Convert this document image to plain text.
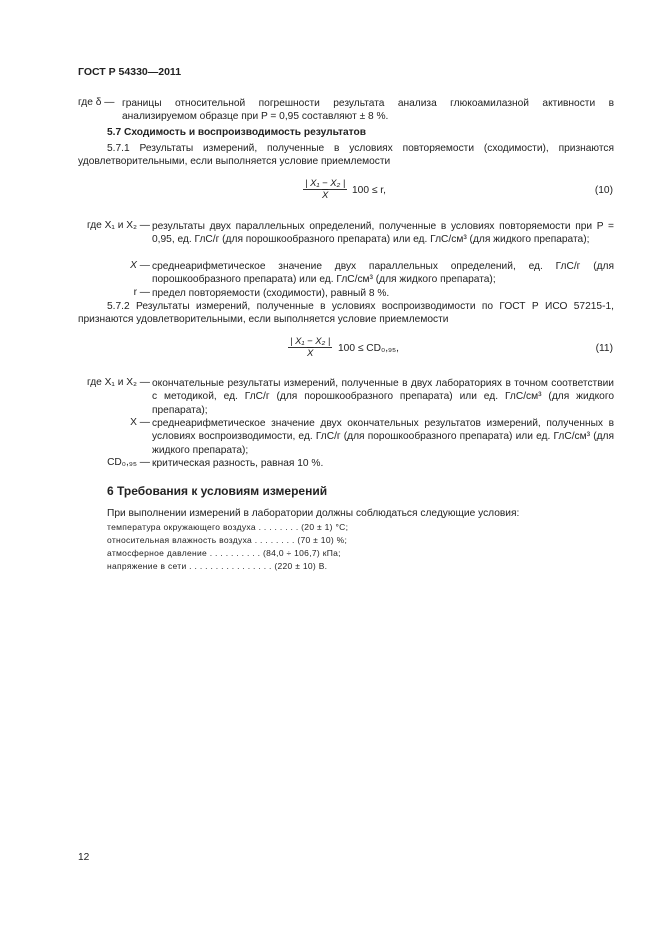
ГОСТ Р 54330—2011
где δ — границы относительной погрешности результата анализа глюкоамилазной активности в анализируемом образце при P = 0,95 составляют ± 8 %.
5.7 Сходимость и воспроизводимость результатов
5.7.1 Результаты измерений, полученные в условиях повторяемости (сходимости), признаются удовлетворительными, если выполняется условие приемлемости
$\frac{\text{| X₁ − X₂ |}}{X} 100 \le r$,	(10)
где X₁ и X₂ — результаты двух параллельных определений, полученные в условиях повторяемости при P = 0,95, ед. ГлС/г (для порошкообразного препарата) или ед. ГлС/см³ (для жидкого препарата);
X — среднеарифметическое значение двух параллельных определений, ед. ГлС/г (для порошкообразного препарата) или ед. ГлС/см³ (для жидкого препарата);
r — предел повторяемости (сходимости), равный 8 %.
5.7.2 Результаты измерений, полученные в условиях воспроизводимости по ГОСТ Р ИСО 57215-1, признаются удовлетворительными, если выполняется условие приемлемости
$\frac{\text{| X₁ − X₂ |}}{X} 100 \le CD_0,_{95}$,	(11)
где X₁ и X₂ — окончательные результаты измерений, полученные в двух лабораториях в точном соответствии с методикой, ед. ГлС/г (для порошкообразного препарата) или ед. ГлС/см³ (для жидкого препарата);
X — среднеарифметическое значение двух окончательных результатов измерений, полученных в условиях воспроизводимости, ед. ГлС/г (для порошкообразного препарата) или ед. ГлС/см³ (для жидкого препарата);
CD₀,₉₅ — критическая разность, равная 10 %.
6 Требования к условиям измерений
При выполнении измерений в лаборатории должны соблюдаться следующие условия:
температура окружающего воздуха . . . . . . . . (20 ± 1) °С;
относительная влажность воздуха . . . . . . . . (70 ± 10) %;
атмосферное давление . . . . . . . . . . (84,0 ÷ 106,7) кПа;
напряжение в сети . . . . . . . . . . . . . . . . (220 ± 10) В.
12
